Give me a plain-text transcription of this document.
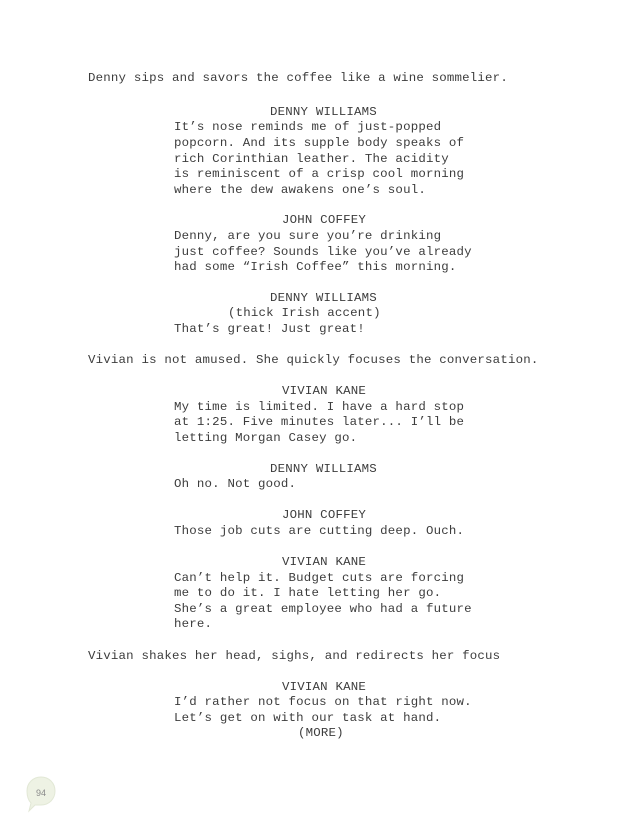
Denny sips and savors the coffee like a wine sommelier.
DENNY WILLIAMS
It’s nose reminds me of just-popped
popcorn. And its supple body speaks of
rich Corinthian leather. The acidity
is reminiscent of a crisp cool morning
where the dew awakens one’s soul.
JOHN COFFEY
Denny, are you sure you’re drinking
just coffee? Sounds like you’ve already
had some “Irish Coffee” this morning.
DENNY WILLIAMS
(thick Irish accent)
That’s great! Just great!
Vivian is not amused. She quickly focuses the conversation.
VIVIAN KANE
My time is limited. I have a hard stop
at 1:25. Five minutes later... I’ll be
letting Morgan Casey go.
DENNY WILLIAMS
Oh no. Not good.
JOHN COFFEY
Those job cuts are cutting deep. Ouch.
VIVIAN KANE
Can’t help it. Budget cuts are forcing
me to do it. I hate letting her go.
She’s a great employee who had a future
here.
Vivian shakes her head, sighs, and redirects her focus
VIVIAN KANE
I’d rather not focus on that right now.
Let’s get on with our task at hand.
(MORE)
94
